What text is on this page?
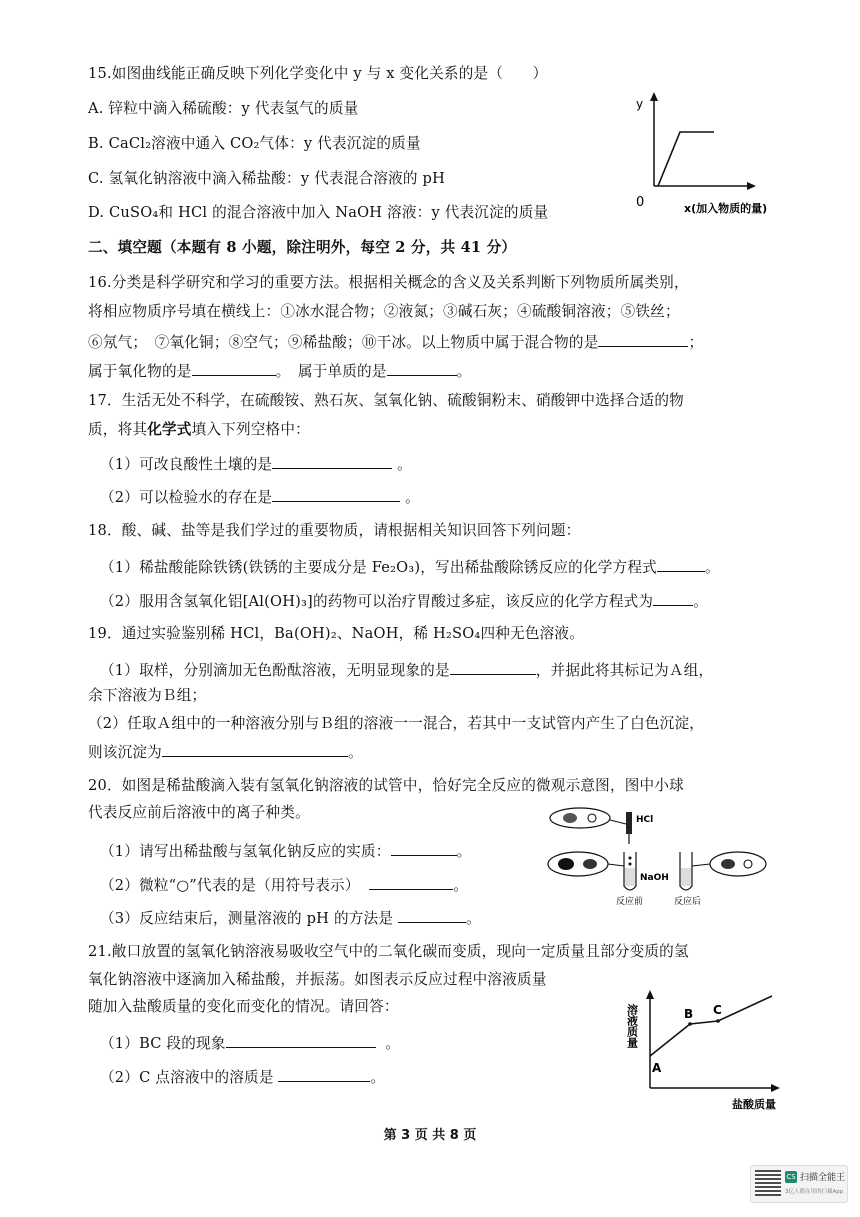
15.如图曲线能正确反映下列化学变化中 y 与 x 变化关系的是（　　）
A. 锌粒中滴入稀硫酸：y 代表氢气的质量
B. CaCl₂溶液中通入 CO₂气体：y 代表沉淀的质量
C. 氢氧化钠溶液中滴入稀盐酸：y 代表混合溶液的 pH
D. CuSO₄和 HCl 的混合溶液中加入 NaOH 溶液：y 代表沉淀的质量
y
0	x(加入物质的量)
二、填空题（本题有 8 小题，除注明外，每空 2 分，共 41 分）
16.分类是科学研究和学习的重要方法。根据相关概念的含义及关系判断下列物质所属类别，
将相应物质序号填在横线上：①冰水混合物；②液氮；③碱石灰；④硫酸铜溶液；⑤铁丝；
⑥氖气；　⑦氧化铜；⑧空气；⑨稀盐酸；⑩干冰。以上物质中属于混合物的是	；
属于氧化物的是	。　属于单质的是	。
17．生活无处不科学，在硫酸铵、熟石灰、氢氧化钠、硫酸铜粉末、硝酸钾中选择合适的物
质，将其化学式填入下列空格中：
（1）可改良酸性土壤的是	。
（2）可以检验水的存在是	。
18．酸、碱、盐等是我们学过的重要物质，请根据相关知识回答下列问题：
（1）稀盐酸能除铁锈(铁锈的主要成分是 Fe₂O₃)，写出稀盐酸除锈反应的化学方程式	。
（2）服用含氢氧化铝[Al(OH)₃]的药物可以治疗胃酸过多症，该反应的化学方程式为	。
19．通过实验鉴别稀 HCl，Ba(OH)₂、NaOH，稀 H₂SO₄四种无色溶液。
（1）取样，分别滴加无色酚酞溶液，无明显现象的是	，并据此将其标记为Ａ组，
余下溶液为Ｂ组；
（2）任取Ａ组中的一种溶液分别与Ｂ组的溶液一一混合，若其中一支试管内产生了白色沉淀，
则该沉淀为	。
20．如图是稀盐酸滴入装有氢氧化钠溶液的试管中，恰好完全反应的微观示意图，图中小球
代表反应前后溶液中的离子种类。
（1）请写出稀盐酸与氢氧化钠反应的实质：	。
（2）微粒“○”代表的是（用符号表示）	。
（3）反应结束后，测量溶液的 pH 的方法是	。
HCl
NaOH
反应前	反应后
21.敞口放置的氢氧化钠溶液易吸收空气中的二氧化碳而变质，现向一定质量且部分变质的氢
氧化钠溶液中逐滴加入稀盐酸，并振荡。如图表示反应过程中溶液质量
随加入盐酸质量的变化而变化的情况。请回答：
（1）BC 段的现象	。
（2）C 点溶液中的溶质是	。
A
B C
溶液质量
盐酸质量
第 3 页 共 8 页
CS 扫描全能王
3亿人都在用的扫描App
